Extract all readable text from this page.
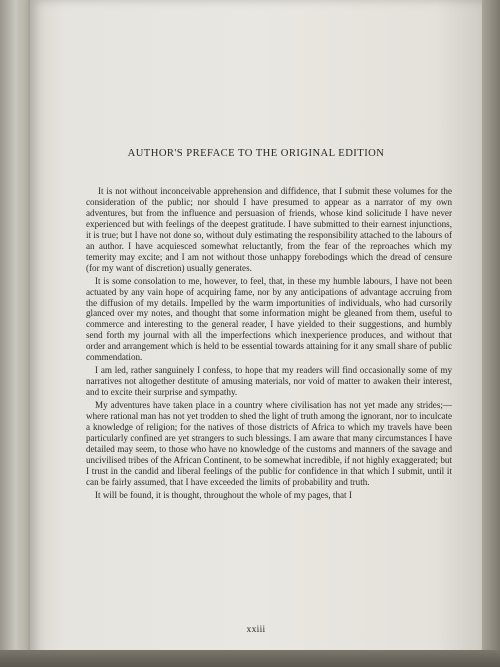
AUTHOR'S PREFACE TO THE ORIGINAL EDITION

It is not without inconceivable apprehension and diffidence, that I submit these volumes for the consideration of the public; nor should I have presumed to appear as a narrator of my own adventures, but from the influence and persuasion of friends, whose kind solicitude I have never experienced but with feelings of the deepest gratitude. I have submitted to their earnest injunctions, it is true; but I have not done so, without duly estimating the responsibility attached to the labours of an author. I have acquiesced somewhat reluctantly, from the fear of the reproaches which my temerity may excite; and I am not without those unhappy forebodings which the dread of censure (for my want of discretion) usually generates.

It is some consolation to me, however, to feel, that, in these my humble labours, I have not been actuated by any vain hope of acquiring fame, nor by any anticipations of advantage accruing from the diffusion of my details. Impelled by the warm importunities of individuals, who had cursorily glanced over my notes, and thought that some information might be gleaned from them, useful to commerce and interesting to the general reader, I have yielded to their suggestions, and humbly send forth my journal with all the imperfections which inexperience produces, and without that order and arrangement which is held to be essential towards attaining for it any small share of public commendation.

I am led, rather sanguinely I confess, to hope that my readers will find occasionally some of my narratives not altogether destitute of amusing materials, nor void of matter to awaken their interest, and to excite their surprise and sympathy.

My adventures have taken place in a country where civilisation has not yet made any strides;—where rational man has not yet trodden to shed the light of truth among the ignorant, nor to inculcate a knowledge of religion; for the natives of those districts of Africa to which my travels have been particularly confined are yet strangers to such blessings. I am aware that many circumstances I have detailed may seem, to those who have no knowledge of the customs and manners of the savage and uncivilised tribes of the African Continent, to be somewhat incredible, if not highly exaggerated; but I trust in the candid and liberal feelings of the public for confidence in that which I submit, until it can be fairly assumed, that I have exceeded the limits of probability and truth.

It will be found, it is thought, throughout the whole of my pages, that I

xxiii
